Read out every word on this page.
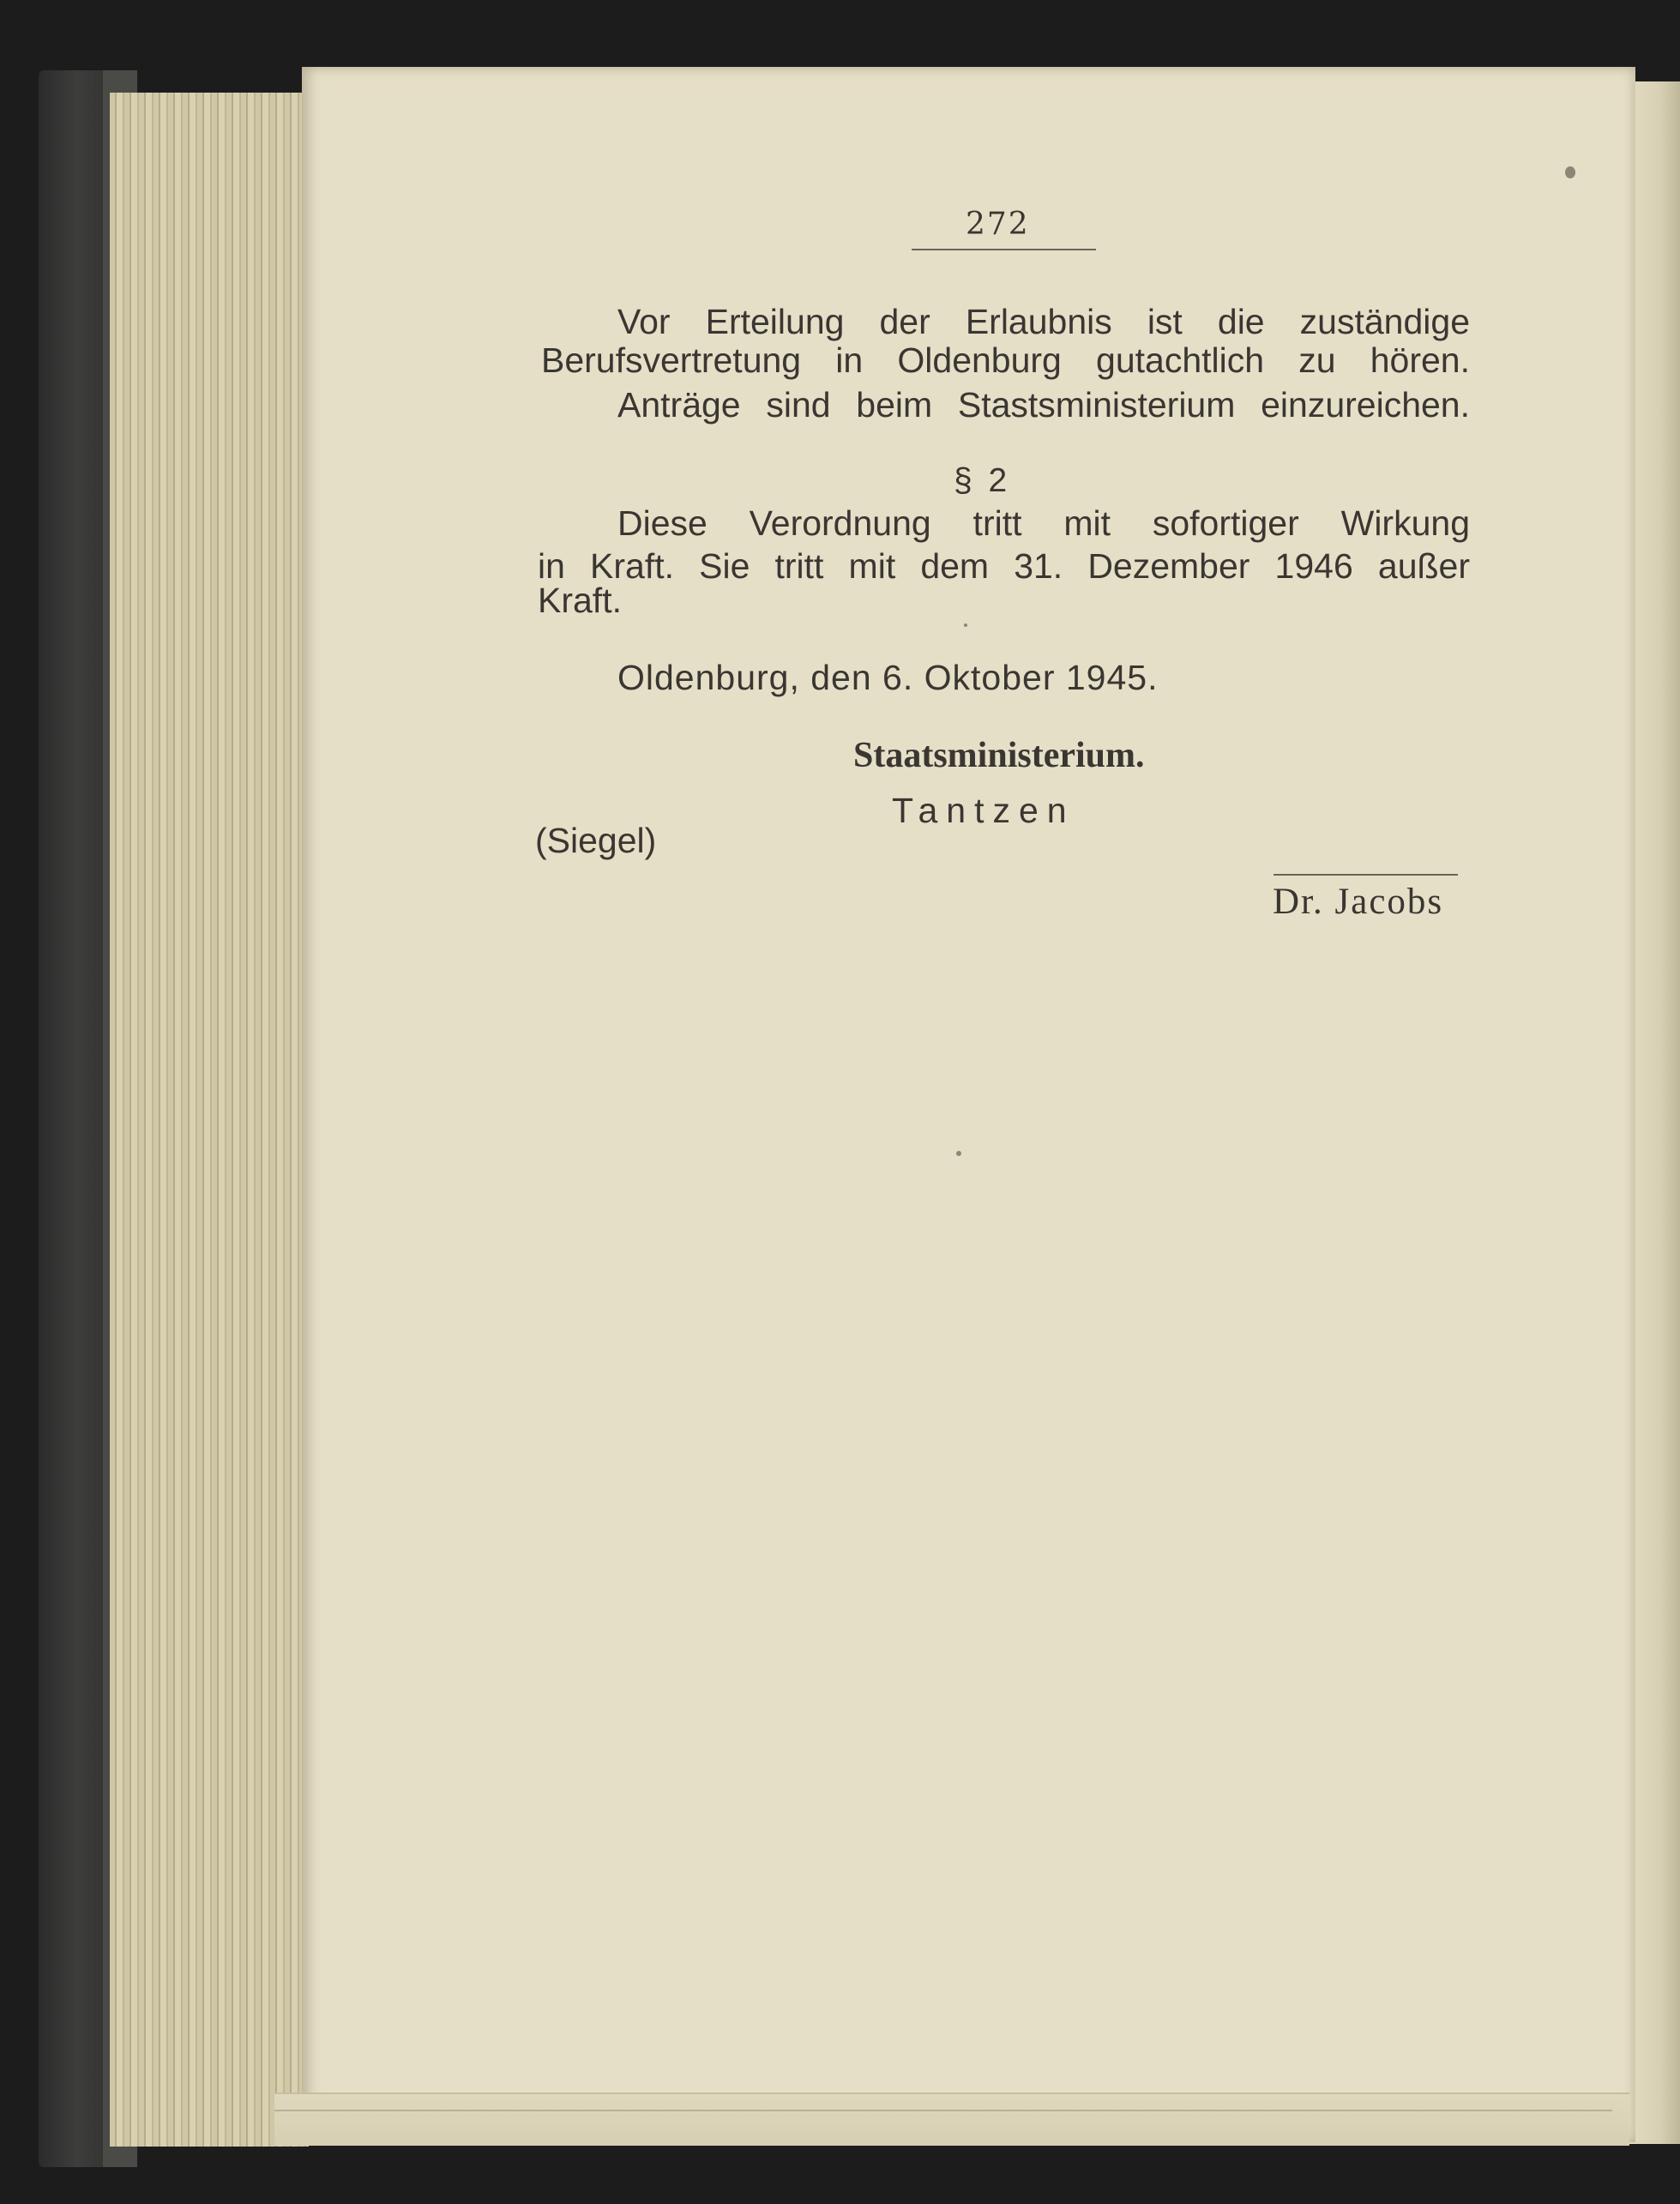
272
Vor Erteilung der Erlaubnis ist die zuständige
Berufsvertretung in Oldenburg gutachtlich zu hören.
Anträge sind beim Stastsministerium einzureichen.
§ 2
Diese Verordnung tritt mit sofortiger Wirkung
in Kraft. Sie tritt mit dem 31. Dezember 1946 außer
Kraft.
Oldenburg, den 6. Oktober 1945.
Staatsministerium.
Tantzen
(Siegel)
Dr. Jacobs
